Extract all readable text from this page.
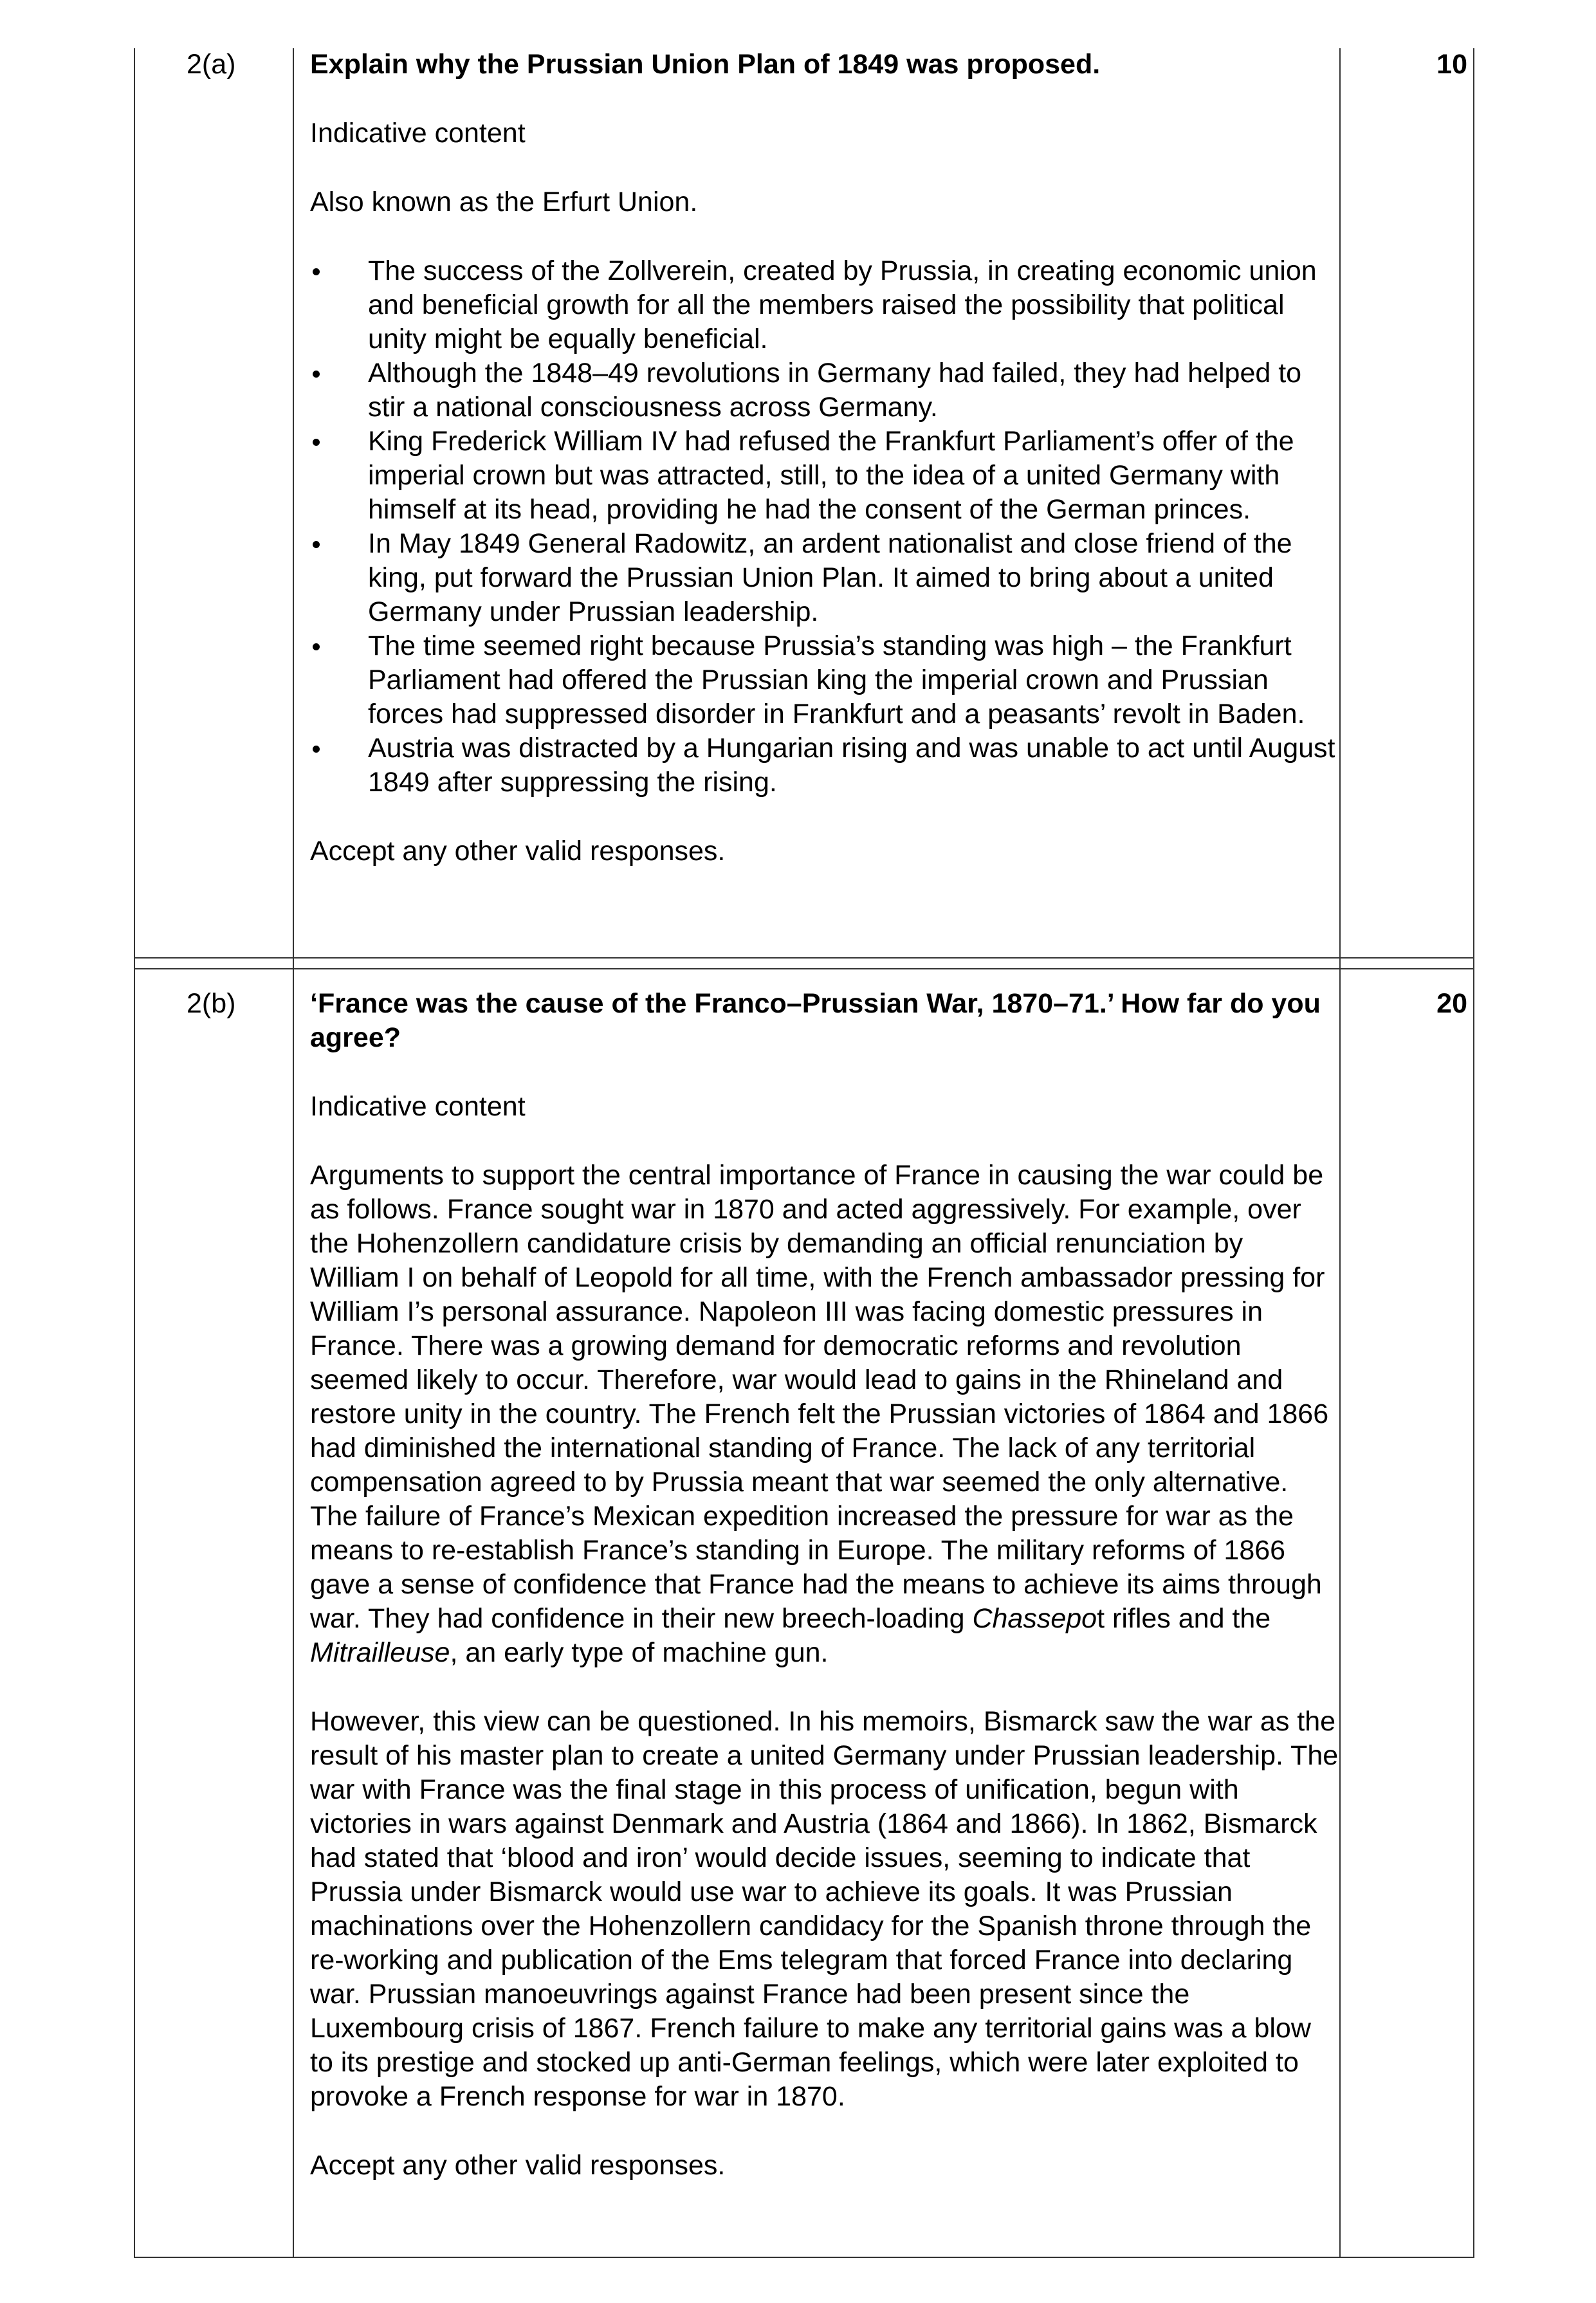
2(a)	10

Explain why the Prussian Union Plan of 1849 was proposed.

Indicative content

Also known as the Erfurt Union.

The success of the Zollverein, created by Prussia, in creating economic union and beneficial growth for all the members raised the possibility that political unity might be equally beneficial.
Although the 1848–49 revolutions in Germany had failed, they had helped to stir a national consciousness across Germany.
King Frederick William IV had refused the Frankfurt Parliament’s offer of the imperial crown but was attracted, still, to the idea of a united Germany with himself at its head, providing he had the consent of the German princes.
In May 1849 General Radowitz, an ardent nationalist and close friend of the king, put forward the Prussian Union Plan. It aimed to bring about a united Germany under Prussian leadership.
The time seemed right because Prussia’s standing was high – the Frankfurt Parliament had offered the Prussian king the imperial crown and Prussian forces had suppressed disorder in Frankfurt and a peasants’ revolt in Baden.
Austria was distracted by a Hungarian rising and was unable to act until August 1849 after suppressing the rising.

Accept any other valid responses.

2(b)	20

‘France was the cause of the Franco–Prussian War, 1870–71.’ How far do you agree?

Indicative content

Arguments to support the central importance of France in causing the war could be as follows. France sought war in 1870 and acted aggressively. For example, over the Hohenzollern candidature crisis by demanding an official renunciation by William I on behalf of Leopold for all time, with the French ambassador pressing for William I’s personal assurance. Napoleon III was facing domestic pressures in France. There was a growing demand for democratic reforms and revolution seemed likely to occur. Therefore, war would lead to gains in the Rhineland and restore unity in the country. The French felt the Prussian victories of 1864 and 1866 had diminished the international standing of France. The lack of any territorial compensation agreed to by Prussia meant that war seemed the only alternative. The failure of France’s Mexican expedition increased the pressure for war as the means to re-establish France’s standing in Europe. The military reforms of 1866 gave a sense of confidence that France had the means to achieve its aims through war. They had confidence in their new breech-loading Chassepot rifles and the Mitrailleuse, an early type of machine gun.

However, this view can be questioned. In his memoirs, Bismarck saw the war as the result of his master plan to create a united Germany under Prussian leadership. The war with France was the final stage in this process of unification, begun with victories in wars against Denmark and Austria (1864 and 1866). In 1862, Bismarck had stated that ‘blood and iron’ would decide issues, seeming to indicate that Prussia under Bismarck would use war to achieve its goals. It was Prussian machinations over the Hohenzollern candidacy for the Spanish throne through the re-working and publication of the Ems telegram that forced France into declaring war. Prussian manoeuvrings against France had been present since the Luxembourg crisis of 1867. French failure to make any territorial gains was a blow to its prestige and stocked up anti-German feelings, which were later exploited to provoke a French response for war in 1870.

Accept any other valid responses.
